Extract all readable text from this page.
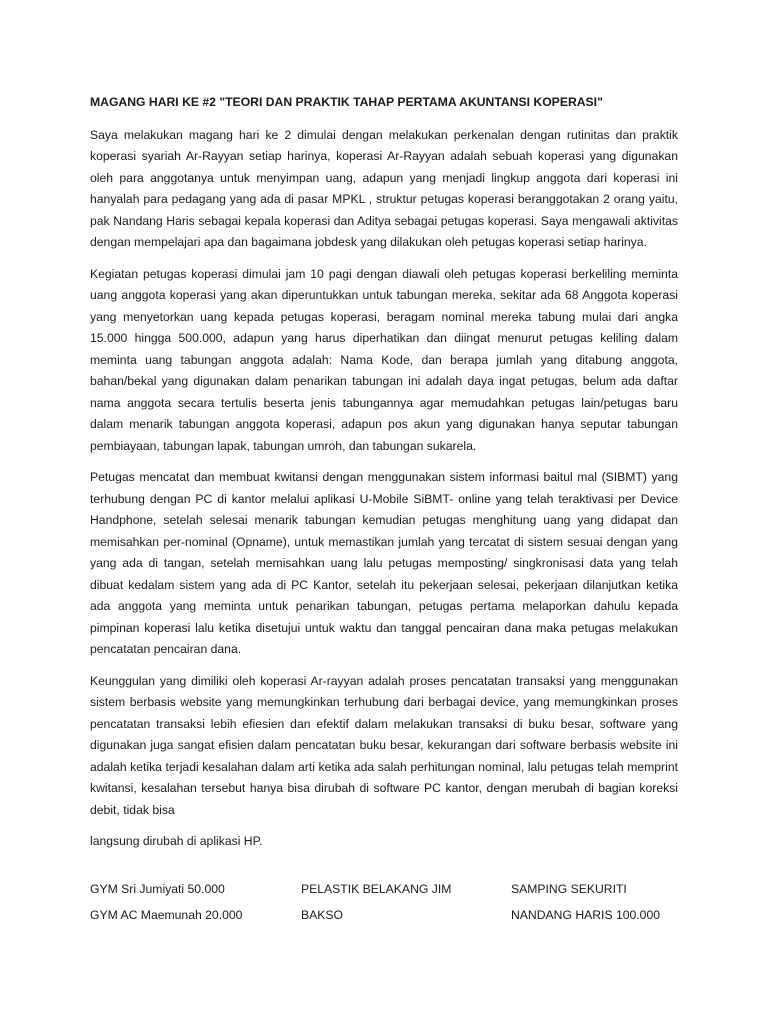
MAGANG HARI KE #2 "TEORI DAN PRAKTIK TAHAP PERTAMA AKUNTANSI KOPERASI"

Saya melakukan magang hari ke 2 dimulai dengan melakukan perkenalan dengan rutinitas dan praktik koperasi syariah Ar-Rayyan setiap harinya, koperasi Ar-Rayyan adalah sebuah koperasi yang digunakan oleh para anggotanya untuk menyimpan uang, adapun yang menjadi lingkup anggota dari koperasi ini hanyalah para pedagang yang ada di pasar MPKL , struktur petugas koperasi beranggotakan 2 orang yaitu, pak Nandang Haris sebagai kepala koperasi dan Aditya sebagai petugas koperasi. Saya mengawali aktivitas dengan mempelajari apa dan bagaimana jobdesk yang dilakukan oleh petugas koperasi setiap harinya.

Kegiatan petugas koperasi dimulai jam 10 pagi dengan diawali oleh petugas koperasi berkeliling meminta uang anggota koperasi yang akan diperuntukkan untuk tabungan mereka, sekitar ada 68 Anggota koperasi yang menyetorkan uang kepada petugas koperasi, beragam nominal mereka tabung mulai dari angka 15.000 hingga 500.000, adapun yang harus diperhatikan dan diingat menurut petugas keliling dalam meminta uang tabungan anggota adalah: Nama Kode, dan berapa jumlah yang ditabung anggota, bahan/bekal yang digunakan dalam penarikan tabungan ini adalah daya ingat petugas, belum ada daftar nama anggota secara tertulis beserta jenis tabungannya agar memudahkan petugas lain/petugas baru dalam menarik tabungan anggota koperasi, adapun pos akun yang digunakan hanya seputar tabungan pembiayaan, tabungan lapak, tabungan umroh, dan tabungan sukarela.

Petugas mencatat dan membuat kwitansi dengan menggunakan sistem informasi baitul mal (SIBMT) yang terhubung dengan PC di kantor melalui aplikasi U-Mobile SiBMT- online yang telah teraktivasi per Device Handphone, setelah selesai menarik tabungan kemudian petugas menghitung uang yang didapat dan memisahkan per-nominal (Opname), untuk memastikan jumlah yang tercatat di sistem sesuai dengan yang yang ada di tangan, setelah memisahkan uang lalu petugas memposting/ singkronisasi data yang telah dibuat kedalam sistem yang ada di PC Kantor, setelah itu pekerjaan selesai, pekerjaan dilanjutkan ketika ada anggota yang meminta untuk penarikan tabungan, petugas pertama melaporkan dahulu kepada pimpinan koperasi lalu ketika disetujui untuk waktu dan tanggal pencairan dana maka petugas melakukan pencatatan pencairan dana.

Keunggulan yang dimiliki oleh koperasi Ar-rayyan adalah proses pencatatan transaksi yang menggunakan sistem berbasis website yang memungkinkan terhubung dari berbagai device, yang memungkinkan proses pencatatan transaksi lebih efiesien dan efektif dalam melakukan transaksi di buku besar, software yang digunakan juga sangat efisien dalam pencatatan buku besar, kekurangan dari software berbasis website ini adalah ketika terjadi kesalahan dalam arti ketika ada salah perhitungan nominal, lalu petugas telah memprint kwitansi, kesalahan tersebut hanya bisa dirubah di software PC kantor, dengan merubah di bagian koreksi debit, tidak bisa

langsung dirubah di aplikasi HP.

GYM Sri Jumiyati 50.000	PELASTIK BELAKANG JIM	SAMPING SEKURITI
GYM AC Maemunah 20.000	BAKSO	NANDANG HARIS 100.000
